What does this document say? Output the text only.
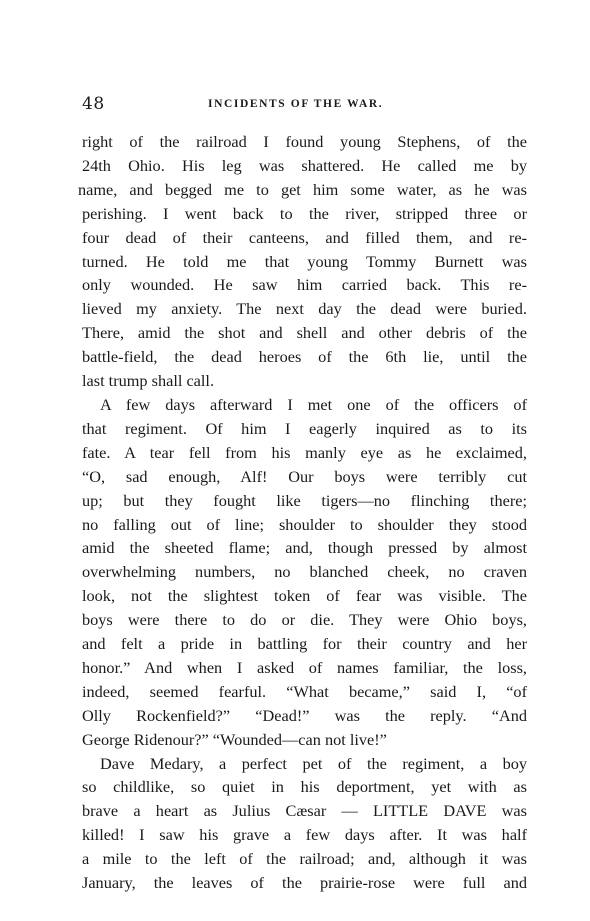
48	INCIDENTS OF THE WAR.
right of the railroad I found young Stephens, of the
24th Ohio. His leg was shattered. He called me by
name, and begged me to get him some water, as he was
perishing. I went back to the river, stripped three or
four dead of their canteens, and filled them, and re-
turned. He told me that young Tommy Burnett was
only wounded. He saw him carried back. This re-
lieved my anxiety. The next day the dead were buried.
There, amid the shot and shell and other debris of the
battle-field, the dead heroes of the 6th lie, until the
last trump shall call.
A few days afterward I met one of the officers of
that regiment. Of him I eagerly inquired as to its
fate. A tear fell from his manly eye as he exclaimed,
“O, sad enough, Alf! Our boys were terribly cut
up; but they fought like tigers—no flinching there;
no falling out of line; shoulder to shoulder they stood
amid the sheeted flame; and, though pressed by almost
overwhelming numbers, no blanched cheek, no craven
look, not the slightest token of fear was visible. The
boys were there to do or die. They were Ohio boys,
and felt a pride in battling for their country and her
honor.” And when I asked of names familiar, the loss,
indeed, seemed fearful. “What became,” said I, “of
Olly Rockenfield?” “Dead!” was the reply. “And
George Ridenour?” “Wounded—can not live!”
Dave Medary, a perfect pet of the regiment, a boy
so childlike, so quiet in his deportment, yet with as
brave a heart as Julius Cæsar — LITTLE DAVE was
killed! I saw his grave a few days after. It was half
a mile to the left of the railroad; and, although it was
January, the leaves of the prairie-rose were full and
